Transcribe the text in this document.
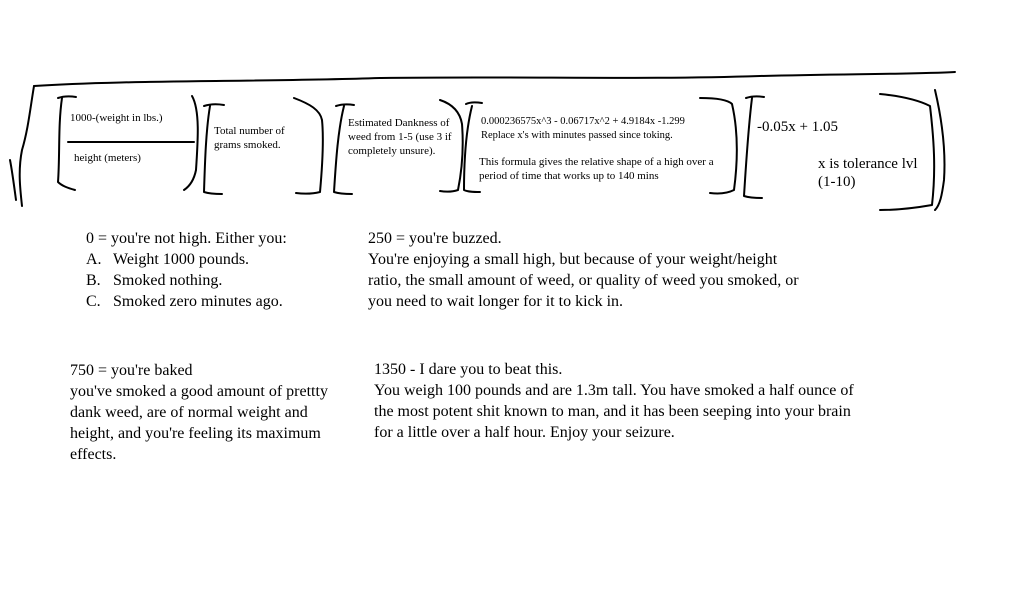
1000-(weight in lbs.)
height (meters)
Total number of grams smoked.
Estimated Dankness of weed from 1-5 (use 3 if completely unsure).
0.000236575x^3 - 0.06717x^2 + 4.9184x -1.299
Replace x's with minutes passed since toking.
This formula gives the relative shape of a high over a period of time that works up to 140 mins
-0.05x + 1.05
x is tolerance lvl (1-10)
0 = you're not high. Either you:
A. Weight 1000 pounds.
B. Smoked nothing.
C. Smoked zero minutes ago.
250 = you're buzzed.
You're enjoying a small high, but because of your weight/height ratio, the small amount of weed, or quality of weed you smoked, or you need to wait longer for it to kick in.
750 = you're baked
you've smoked a good amount of prettty dank weed, are of normal weight and height, and you're feeling its maximum effects.
1350 - I dare you to beat this.
You weigh 100 pounds and are 1.3m tall. You have smoked a half ounce of the most potent shit known to man, and it has been seeping into your brain for a little over a half hour. Enjoy your seizure.
